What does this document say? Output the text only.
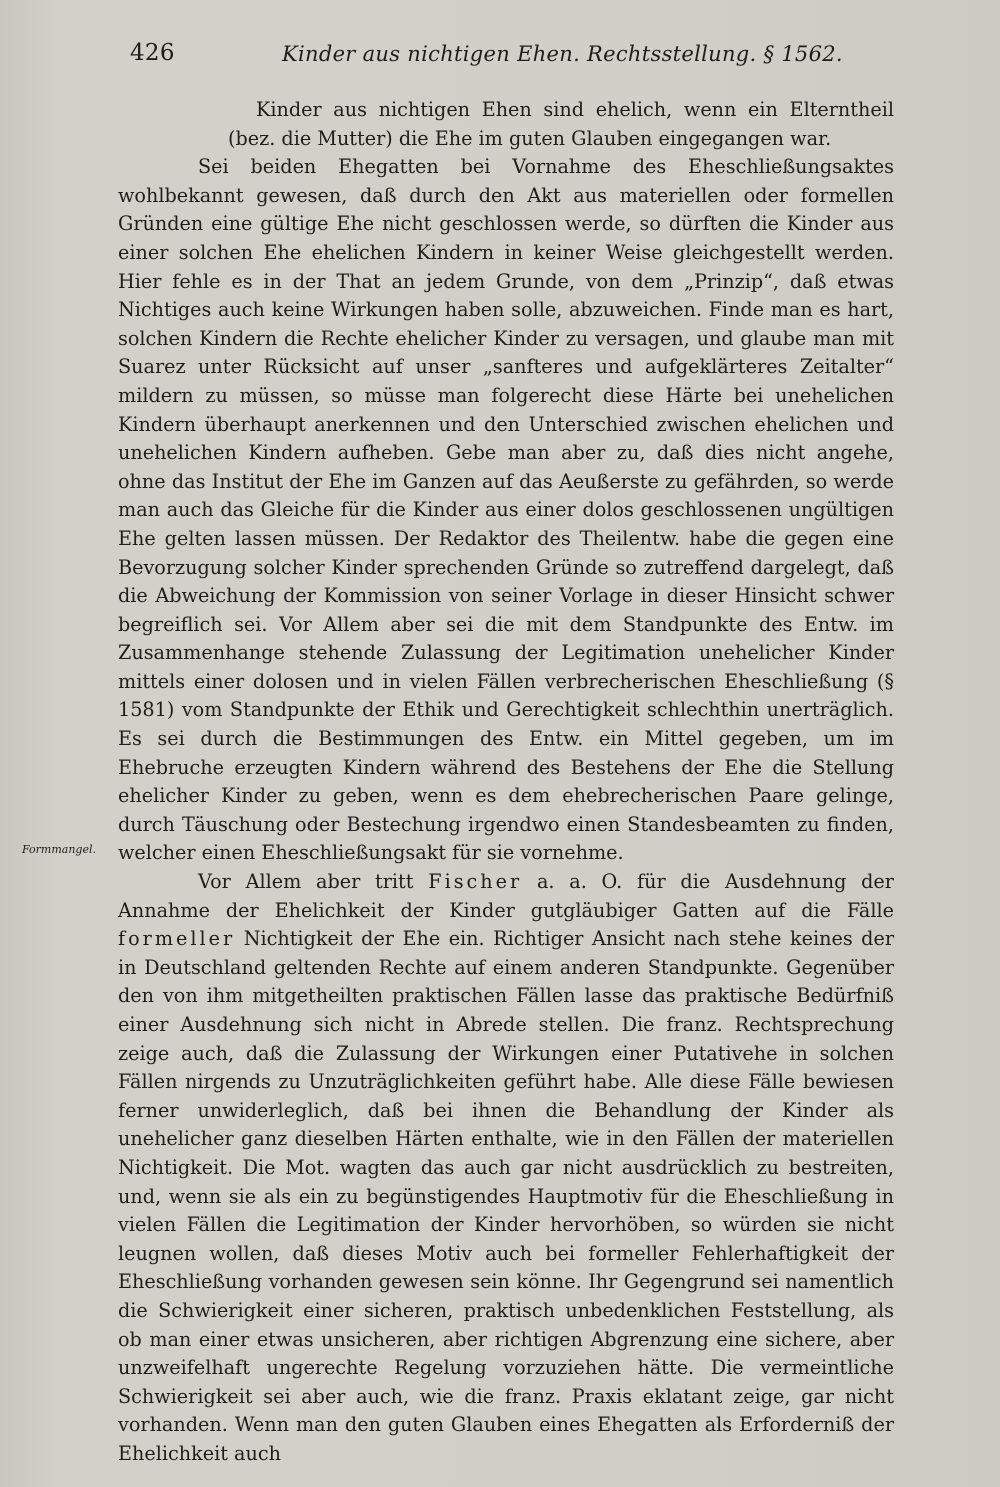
426	Kinder aus nichtigen Ehen. Rechtsstellung. § 1562.
Formmangel.

Kinder aus nichtigen Ehen sind ehelich, wenn ein Elterntheil (bez. die Mutter) die Ehe im guten Glauben eingegangen war.

Sei beiden Ehegatten bei Vornahme des Eheschließungsaktes wohlbekannt gewesen, daß durch den Akt aus materiellen oder formellen Gründen eine gültige Ehe nicht geschlossen werde, so dürften die Kinder aus einer solchen Ehe ehelichen Kindern in keiner Weise gleichgestellt werden. Hier fehle es in der That an jedem Grunde, von dem „Prinzip“, daß etwas Nichtiges auch keine Wirkungen haben solle, abzuweichen. Finde man es hart, solchen Kindern die Rechte ehelicher Kinder zu versagen, und glaube man mit Suarez unter Rücksicht auf unser „sanfteres und aufgeklärteres Zeitalter“ mildern zu müssen, so müsse man folgerecht diese Härte bei unehelichen Kindern überhaupt anerkennen und den Unterschied zwischen ehelichen und unehelichen Kindern aufheben. Gebe man aber zu, daß dies nicht angehe, ohne das Institut der Ehe im Ganzen auf das Aeußerste zu gefährden, so werde man auch das Gleiche für die Kinder aus einer dolos geschlossenen ungültigen Ehe gelten lassen müssen. Der Redaktor des Theilentw. habe die gegen eine Bevorzugung solcher Kinder sprechenden Gründe so zutreffend dargelegt, daß die Abweichung der Kommission von seiner Vorlage in dieser Hinsicht schwer begreiflich sei. Vor Allem aber sei die mit dem Standpunkte des Entw. im Zusammenhange stehende Zulassung der Legitimation unehelicher Kinder mittels einer dolosen und in vielen Fällen verbrecherischen Eheschließung (§ 1581) vom Standpunkte der Ethik und Gerechtigkeit schlechthin unerträglich. Es sei durch die Bestimmungen des Entw. ein Mittel gegeben, um im Ehebruche erzeugten Kindern während des Bestehens der Ehe die Stellung ehelicher Kinder zu geben, wenn es dem ehebrecherischen Paare gelinge, durch Täuschung oder Bestechung irgendwo einen Standesbeamten zu finden, welcher einen Eheschließungsakt für sie vornehme.

Vor Allem aber tritt Fischer a. a. O. für die Ausdehnung der Annahme der Ehelichkeit der Kinder gutgläubiger Gatten auf die Fälle formeller Nichtigkeit der Ehe ein. Richtiger Ansicht nach stehe keines der in Deutschland geltenden Rechte auf einem anderen Standpunkte. Gegenüber den von ihm mitgetheilten praktischen Fällen lasse das praktische Bedürfniß einer Ausdehnung sich nicht in Abrede stellen. Die franz. Rechtsprechung zeige auch, daß die Zulassung der Wirkungen einer Putativehe in solchen Fällen nirgends zu Unzuträglichkeiten geführt habe. Alle diese Fälle bewiesen ferner unwiderleglich, daß bei ihnen die Behandlung der Kinder als unehelicher ganz dieselben Härten enthalte, wie in den Fällen der materiellen Nichtigkeit. Die Mot. wagten das auch gar nicht ausdrücklich zu bestreiten, und, wenn sie als ein zu begünstigendes Hauptmotiv für die Eheschließung in vielen Fällen die Legitimation der Kinder hervorhöben, so würden sie nicht leugnen wollen, daß dieses Motiv auch bei formeller Fehlerhaftigkeit der Eheschließung vorhanden gewesen sein könne. Ihr Gegengrund sei namentlich die Schwierigkeit einer sicheren, praktisch unbedenklichen Feststellung, als ob man einer etwas unsicheren, aber richtigen Abgrenzung eine sichere, aber unzweifelhaft ungerechte Regelung vorzuziehen hätte. Die vermeintliche Schwierigkeit sei aber auch, wie die franz. Praxis eklatant zeige, gar nicht vorhanden. Wenn man den guten Glauben eines Ehegatten als Erforderniß der Ehelichkeit auch
